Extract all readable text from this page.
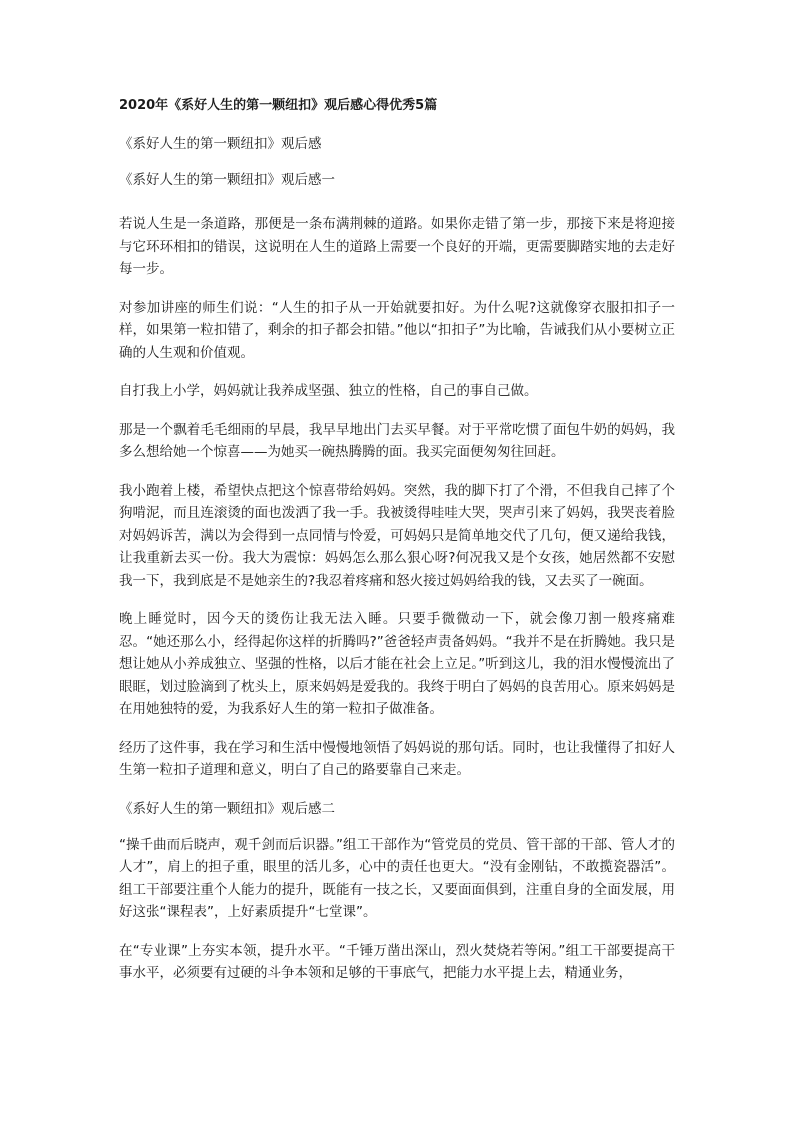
2020年《系好人生的第一颗纽扣》观后感心得优秀5篇
《系好人生的第一颗纽扣》观后感
《系好人生的第一颗纽扣》观后感一

若说人生是一条道路，那便是一条布满荆棘的道路。如果你走错了第一步，那接下来是将迎接与它环环相扣的错误，这说明在人生的道路上需要一个良好的开端，更需要脚踏实地的去走好每一步。

对参加讲座的师生们说：“人生的扣子从一开始就要扣好。为什么呢?这就像穿衣服扣扣子一样，如果第一粒扣错了，剩余的扣子都会扣错。”他以“扣扣子”为比喻，告诫我们从小要树立正确的人生观和价值观。

自打我上小学，妈妈就让我养成坚强、独立的性格，自己的事自己做。

那是一个飘着毛毛细雨的早晨，我早早地出门去买早餐。对于平常吃惯了面包牛奶的妈妈，我多么想给她一个惊喜——为她买一碗热腾腾的面。我买完面便匆匆往回赶。

我小跑着上楼，希望快点把这个惊喜带给妈妈。突然，我的脚下打了个滑，不但我自己摔了个狗啃泥，而且连滚烫的面也泼洒了我一手。我被烫得哇哇大哭，哭声引来了妈妈，我哭丧着脸对妈妈诉苦，满以为会得到一点同情与怜爱，可妈妈只是简单地交代了几句，便又递给我钱，让我重新去买一份。我大为震惊：妈妈怎么那么狠心呀?何况我又是个女孩，她居然都不安慰我一下，我到底是不是她亲生的?我忍着疼痛和怒火接过妈妈给我的钱，又去买了一碗面。

晚上睡觉时，因今天的烫伤让我无法入睡。只要手微微动一下，就会像刀割一般疼痛难忍。“她还那么小，经得起你这样的折腾吗?”爸爸轻声责备妈妈。“我并不是在折腾她。我只是想让她从小养成独立、坚强的性格，以后才能在社会上立足。”听到这儿，我的泪水慢慢流出了眼眶，划过脸滴到了枕头上，原来妈妈是爱我的。我终于明白了妈妈的良苦用心。原来妈妈是在用她独特的爱，为我系好人生的第一粒扣子做准备。

经历了这件事，我在学习和生活中慢慢地领悟了妈妈说的那句话。同时，也让我懂得了扣好人生第一粒扣子道理和意义，明白了自己的路要靠自己来走。

《系好人生的第一颗纽扣》观后感二

“操千曲而后晓声，观千剑而后识器。”组工干部作为“管党员的党员、管干部的干部、管人才的人才”，肩上的担子重，眼里的活儿多，心中的责任也更大。“没有金刚钻，不敢揽瓷器活”。组工干部要注重个人能力的提升，既能有一技之长，又要面面俱到，注重自身的全面发展，用好这张“课程表”，上好素质提升“七堂课”。

在“专业课”上夯实本领，提升水平。“千锤万凿出深山，烈火焚烧若等闲。”组工干部要提高干事水平，必须要有过硬的斗争本领和足够的干事底气，把能力水平提上去，精通业务，
